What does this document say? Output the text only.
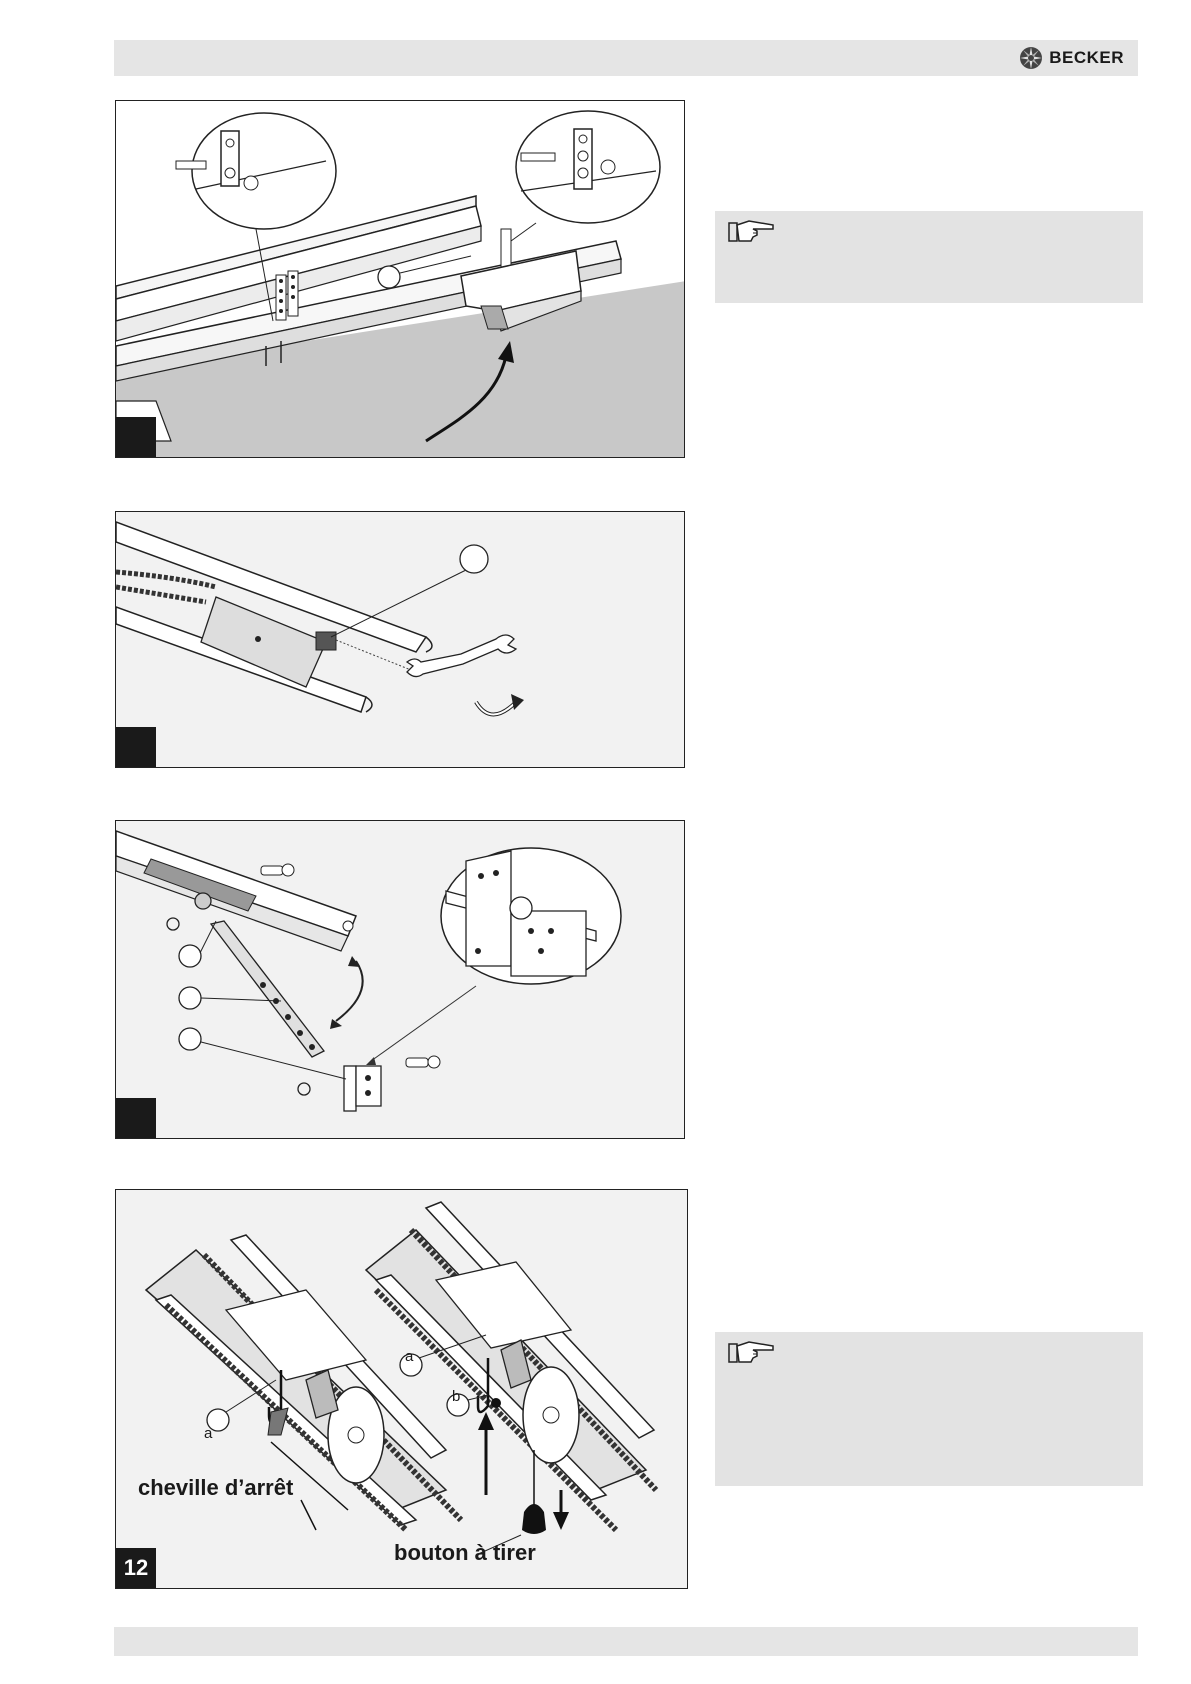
BECKER
a
a
b
cheville d’arrêt
bouton à tirer
12
